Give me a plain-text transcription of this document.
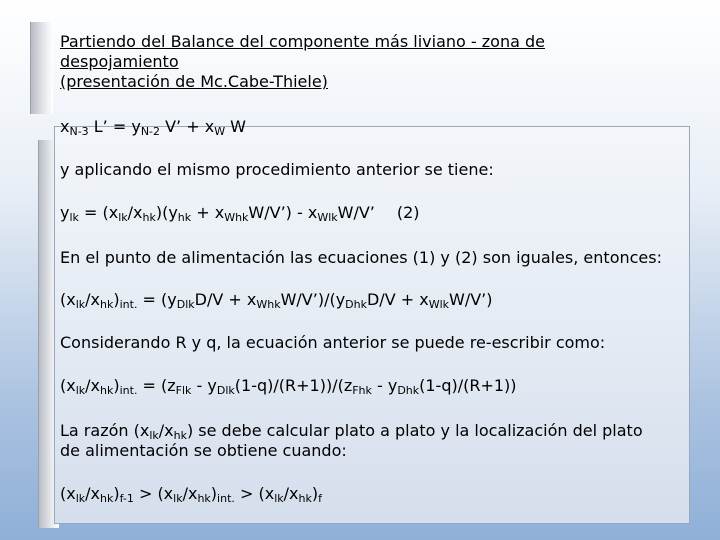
Partiendo del Balance del componente más liviano - zona de
despojamiento
(presentación de Mc.Cabe-Thiele)
$x_{N-3}$ L’ = $y_{N-2}$ V’ + $x_W$ W
y aplicando el mismo procedimiento anterior se tiene:
$y_{lk} = (x_{lk}/x_{hk})(y_{hk}$ + $x_{Whk}W/V’) - x_{Wlk}W/V$’ (2)
En el punto de alimentación las ecuaciones (1) y (2) son iguales, entonces:
$(x_{lk}/x_{hk})_{int.} = (y_{Dlk}D/V$ + $x_{Whk}W/V’)/(y_{Dhk}D/V$ + $x_{Wlk}W/V$’)
Considerando R y q, la ecuación anterior se puede re-escribir como:
$(x_{lk}/x_{hk})_{int.} = (z_{Flk} - y_{Dlk}(1-q)/(R+1))/(z_{Fhk} - y_{Dhk}(1-q)/(R+1))$
La razón $(x_{lk}/x_{hk})$ se debe calcular plato a plato y la localización del plato
de alimentación se obtiene cuando:
$(x_{lk}/x_{hk})_{f-1} > (x_{lk}/x_{hk})_{int.} > (x_{lk}/x_{hk})_f$
